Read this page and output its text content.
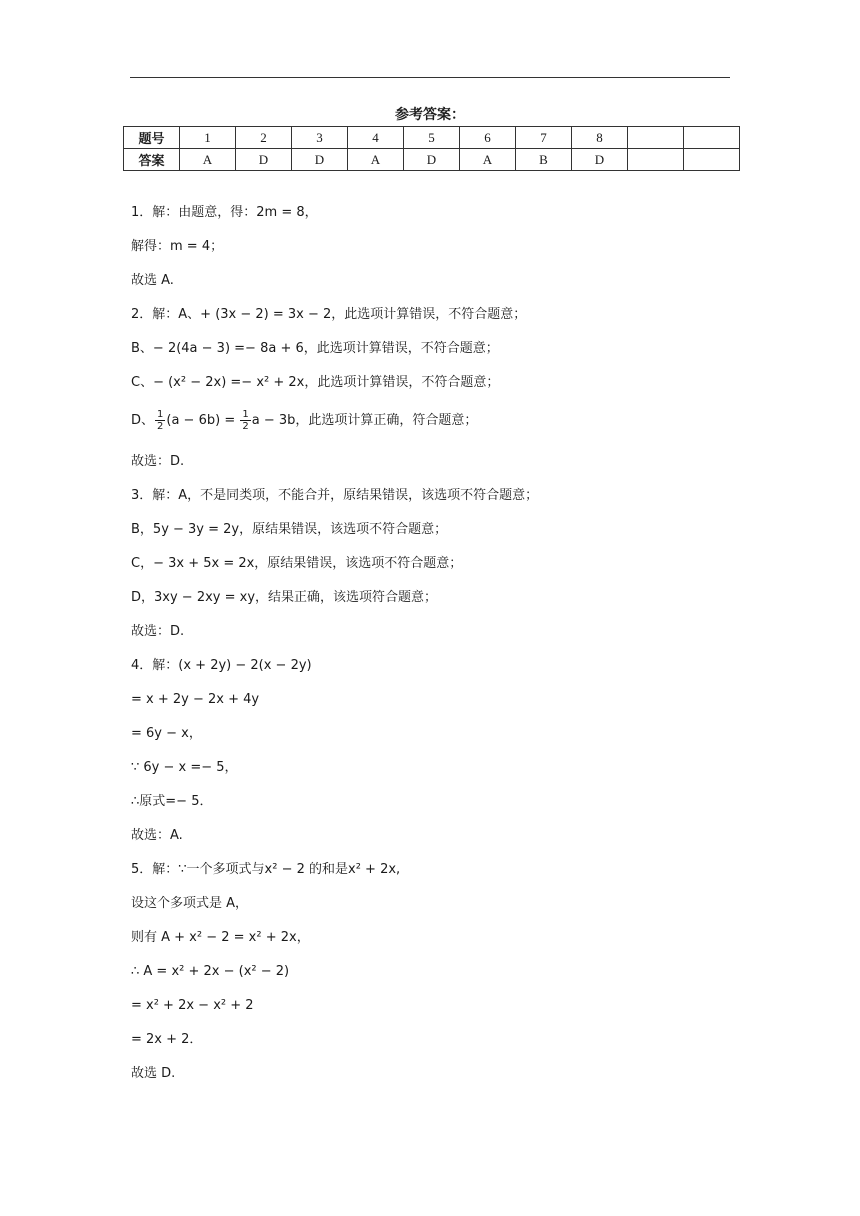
参考答案：
题号	1	2	3	4	5	6	7	8		
答案	A	D	D	A	D	A	B	D		

1．解：由题意，得：2m = 8，

解得：m = 4；

故选 A.

2．解：A、+ (3x − 2) = 3x − 2，此选项计算错误，不符合题意；

B、− 2(4a − 3) =− 8a + 6，此选项计算错误，不符合题意；

C、− (x² − 2x) =− x² + 2x，此选项计算错误，不符合题意；

D、 $\frac{1}{2} (a - 6b) = \frac{1}{2}$ a − 3b，此选项计算正确，符合题意；

故选：D.

3．解：A，不是同类项，不能合并，原结果错误，该选项不符合题意；

B，5y − 3y = 2y，原结果错误，该选项不符合题意；

C，− 3x + 5x = 2x，原结果错误，该选项不符合题意；

D，3xy − 2xy = xy，结果正确，该选项符合题意；

故选：D.

4．解：(x + 2y) − 2(x − 2y)

= x + 2y − 2x + 4y

= 6y − x，

∵ 6y − x =− 5，

∴原式=− 5．

故选：A.

5．解：∵一个多项式与x² − 2 的和是x² + 2x,

设这个多项式是 A，

则有 A + x² − 2 = x² + 2x，

∴ A = x² + 2x − (x² − 2)

= x² + 2x − x² + 2

= 2x + 2．

故选 D.
